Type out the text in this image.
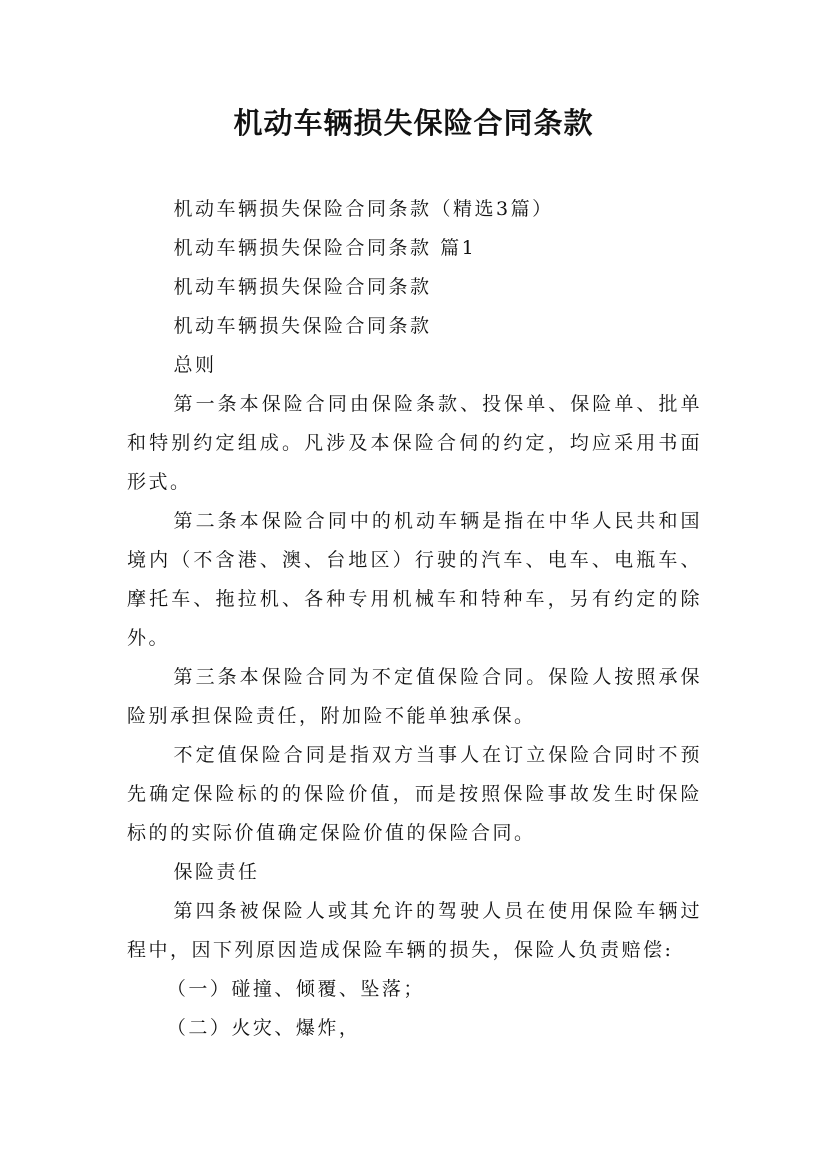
机动车辆损失保险合同条款

机动车辆损失保险合同条款（精选3篇）

机动车辆损失保险合同条款 篇1

机动车辆损失保险合同条款

机动车辆损失保险合同条款

总则

第一条本保险合同由保险条款、投保单、保险单、批单和特别约定组成。凡涉及本保险合伺的约定，均应采用书面形式。

第二条本保险合同中的机动车辆是指在中华人民共和国境内（不含港、澳、台地区）行驶的汽车、电车、电瓶车、摩托车、拖拉机、各种专用机械车和特种车，另有约定的除外。

第三条本保险合同为不定值保险合同。保险人按照承保险别承担保险责任，附加险不能单独承保。

不定值保险合同是指双方当事人在订立保险合同时不预先确定保险标的的保险价值，而是按照保险事故发生时保险标的的实际价值确定保险价值的保险合同。

保险责任

第四条被保险人或其允许的驾驶人员在使用保险车辆过程中，因下列原因造成保险车辆的损失，保险人负责赔偿:

（一）碰撞、倾覆、坠落；

（二）火灾、爆炸，
